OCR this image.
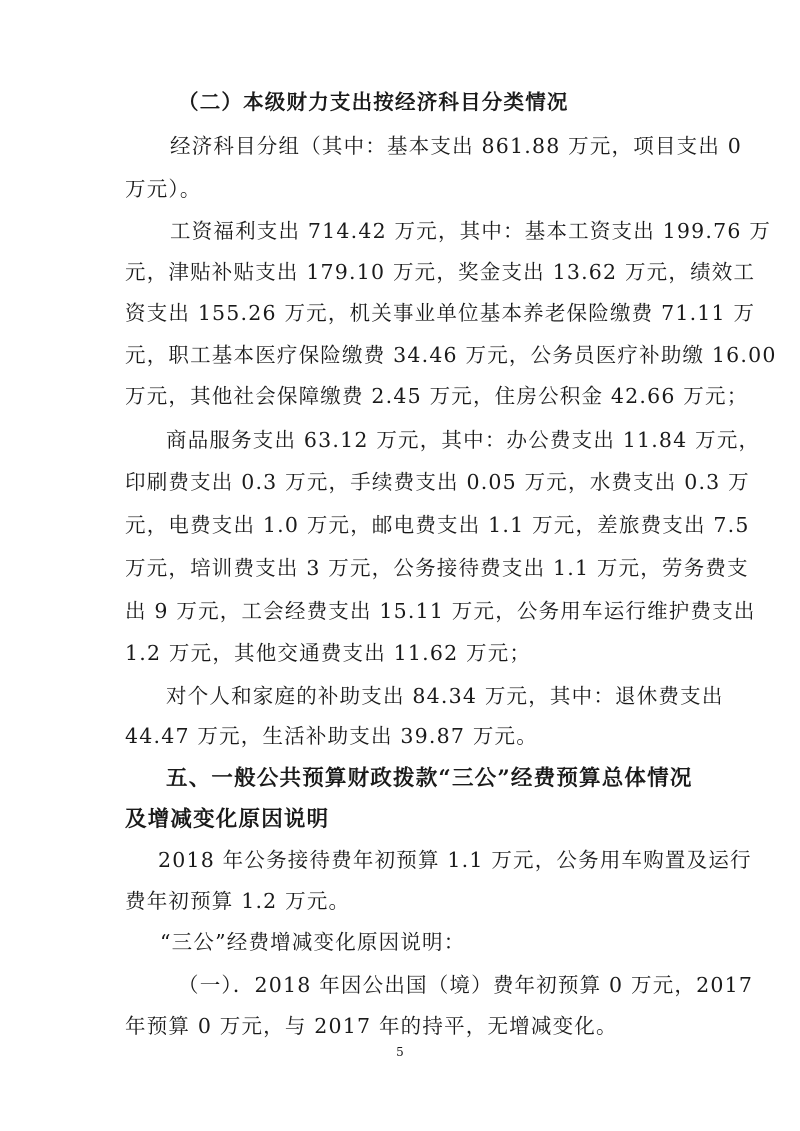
（二）本级财力支出按经济科目分类情况
经济科目分组（其中：基本支出 861.88 万元，项目支出 0
万元）。
工资福利支出 714.42 万元，其中：基本工资支出 199.76 万
元，津贴补贴支出 179.10 万元，奖金支出 13.62 万元，绩效工
资支出 155.26 万元，机关事业单位基本养老保险缴费 71.11 万
元，职工基本医疗保险缴费 34.46 万元，公务员医疗补助缴 16.00
万元，其他社会保障缴费 2.45 万元，住房公积金 42.66 万元；
商品服务支出 63.12 万元，其中：办公费支出 11.84 万元，
印刷费支出 0.3 万元，手续费支出 0.05 万元，水费支出 0.3 万
元，电费支出 1.0 万元，邮电费支出 1.1 万元，差旅费支出 7.5
万元，培训费支出 3 万元，公务接待费支出 1.1 万元，劳务费支
出 9 万元，工会经费支出 15.11 万元，公务用车运行维护费支出
1.2 万元，其他交通费支出 11.62 万元；
对个人和家庭的补助支出 84.34 万元，其中：退休费支出
44.47 万元，生活补助支出 39.87 万元。
五、一般公共预算财政拨款“三公”经费预算总体情况
及增减变化原因说明
2018 年公务接待费年初预算 1.1 万元，公务用车购置及运行
费年初预算 1.2 万元。
“三公”经费增减变化原因说明：
（一）．2018 年因公出国（境）费年初预算 0 万元，2017
年预算 0 万元，与 2017 年的持平，无增减变化。
5
